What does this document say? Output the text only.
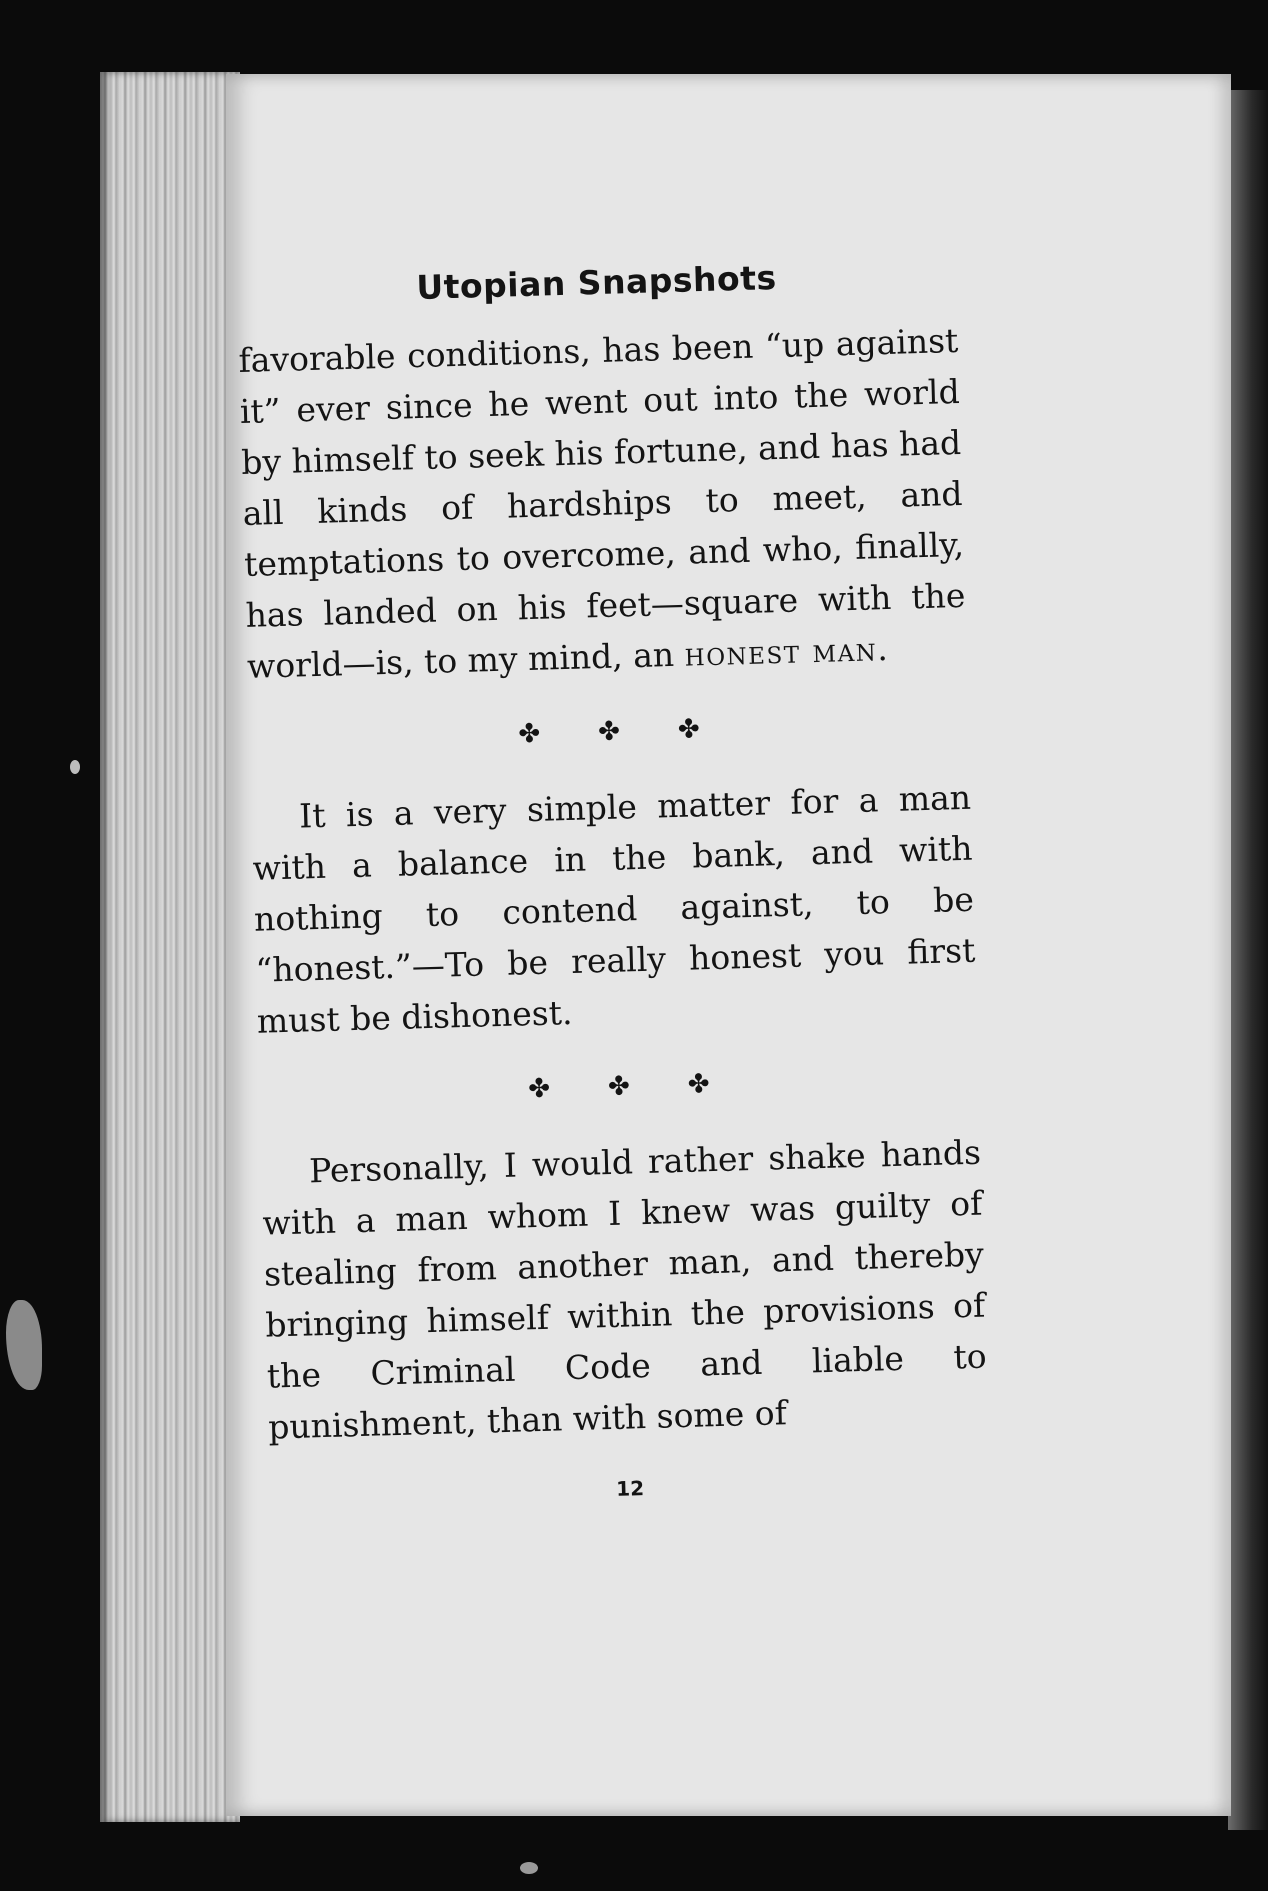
Utopian Snapshots

favorable conditions, has been “up against it” ever since he went out into the world by himself to seek his fortune, and has had all kinds of hardships to meet, and temptations to overcome, and who, finally, has landed on his feet—square with the world—is, to my mind, an honest man.

✤✤✤

It is a very simple matter for a man with a balance in the bank, and with nothing to contend against, to be “honest.”—To be really honest you first must be dishonest.

✤✤✤

Personally, I would rather shake hands with a man whom I knew was guilty of stealing from another man, and thereby bringing himself within the provisions of the Criminal Code and liable to punishment, than with some of

12
